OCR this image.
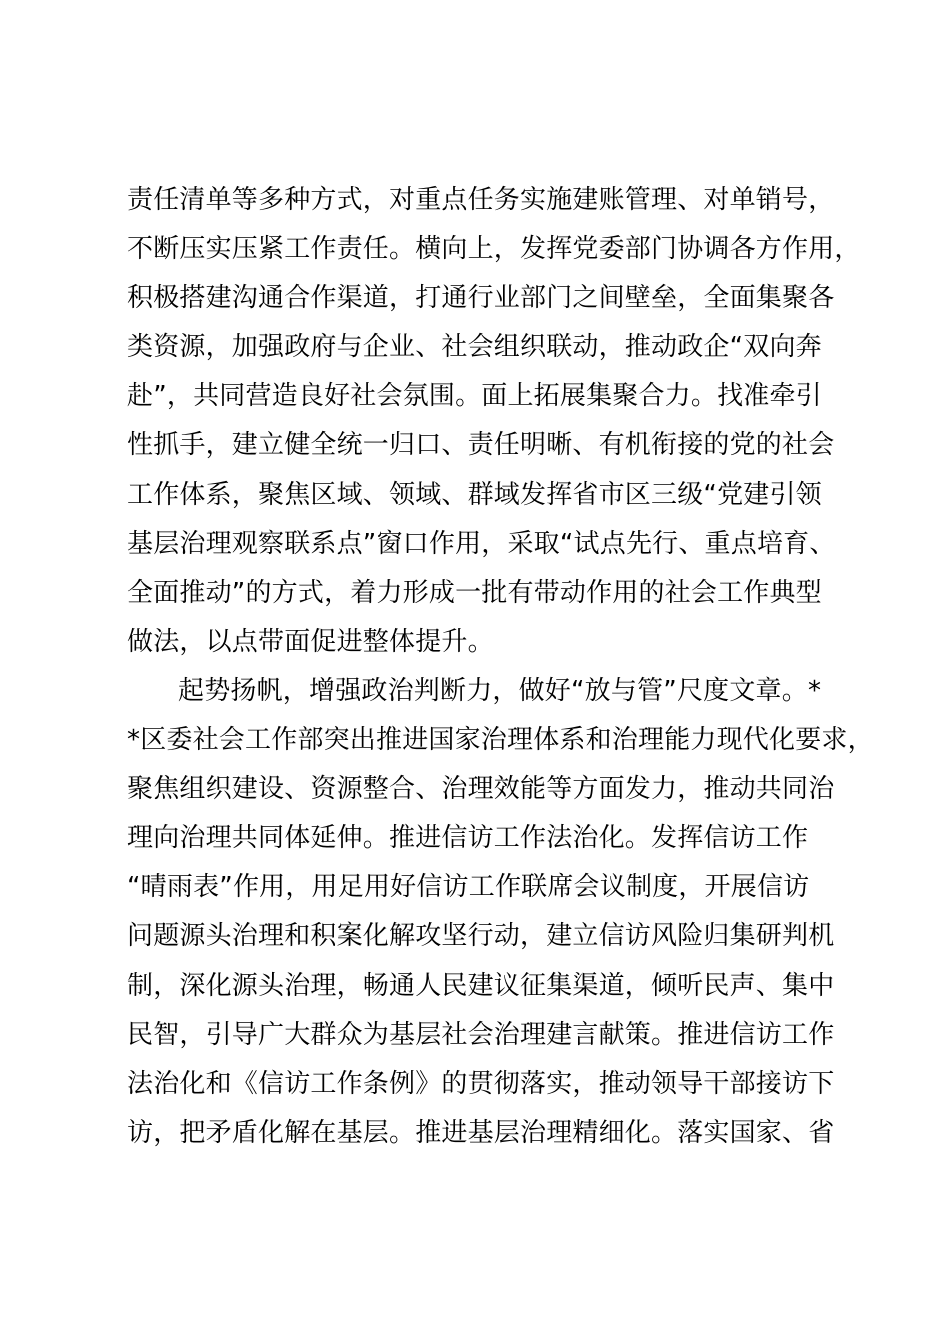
责任清单等多种方式，对重点任务实施建账管理、对单销号，
不断压实压紧工作责任。横向上，发挥党委部门协调各方作用，
积极搭建沟通合作渠道，打通行业部门之间壁垒，全面集聚各
类资源，加强政府与企业、社会组织联动，推动政企“双向奔
赴”，共同营造良好社会氛围。面上拓展集聚合力。找准牵引
性抓手，建立健全统一归口、责任明晰、有机衔接的党的社会
工作体系，聚焦区域、领域、群域发挥省市区三级“党建引领
基层治理观察联系点”窗口作用，采取“试点先行、重点培育、
全面推动”的方式，着力形成一批有带动作用的社会工作典型
做法，以点带面促进整体提升。
起势扬帆，增强政治判断力，做好“放与管”尺度文章。*
*区委社会工作部突出推进国家治理体系和治理能力现代化要求，
聚焦组织建设、资源整合、治理效能等方面发力，推动共同治
理向治理共同体延伸。推进信访工作法治化。发挥信访工作
“晴雨表”作用，用足用好信访工作联席会议制度，开展信访
问题源头治理和积案化解攻坚行动，建立信访风险归集研判机
制，深化源头治理，畅通人民建议征集渠道，倾听民声、集中
民智，引导广大群众为基层社会治理建言献策。推进信访工作
法治化和《信访工作条例》的贯彻落实，推动领导干部接访下
访，把矛盾化解在基层。推进基层治理精细化。落实国家、省
